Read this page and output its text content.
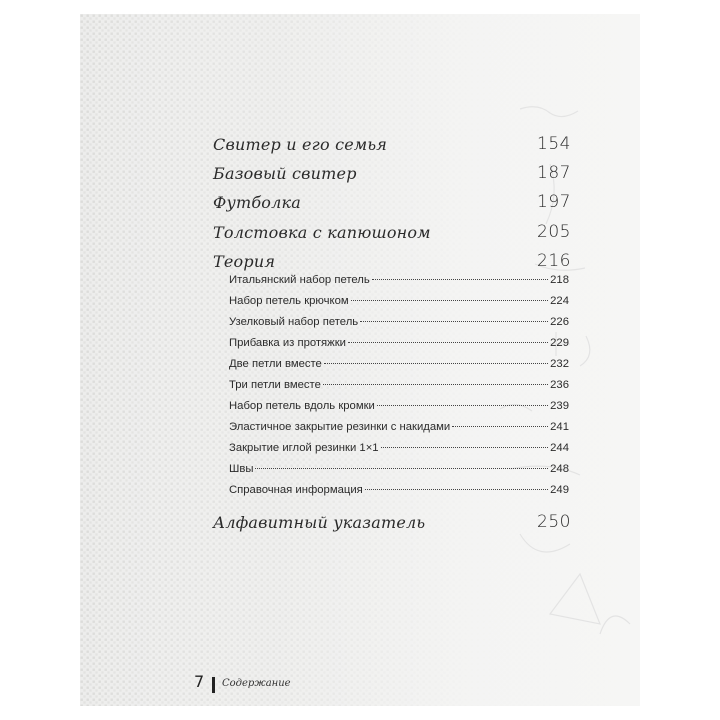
Свитер и его семья	154
Базовый свитер	187
Футболка	197
Толстовка с капюшоном	205
Теория	216
Итальянский набор петель	218
Набор петель крючком	224
Узелковый набор петель	226
Прибавка из протяжки	229
Две петли вместе	232
Три петли вместе	236
Набор петель вдоль кромки	239
Эластичное закрытие резинки с накидами	241
Закрытие иглой резинки 1×1	244
Швы	248
Справочная информация	249
Алфавитный указатель	250
7 Содержание
